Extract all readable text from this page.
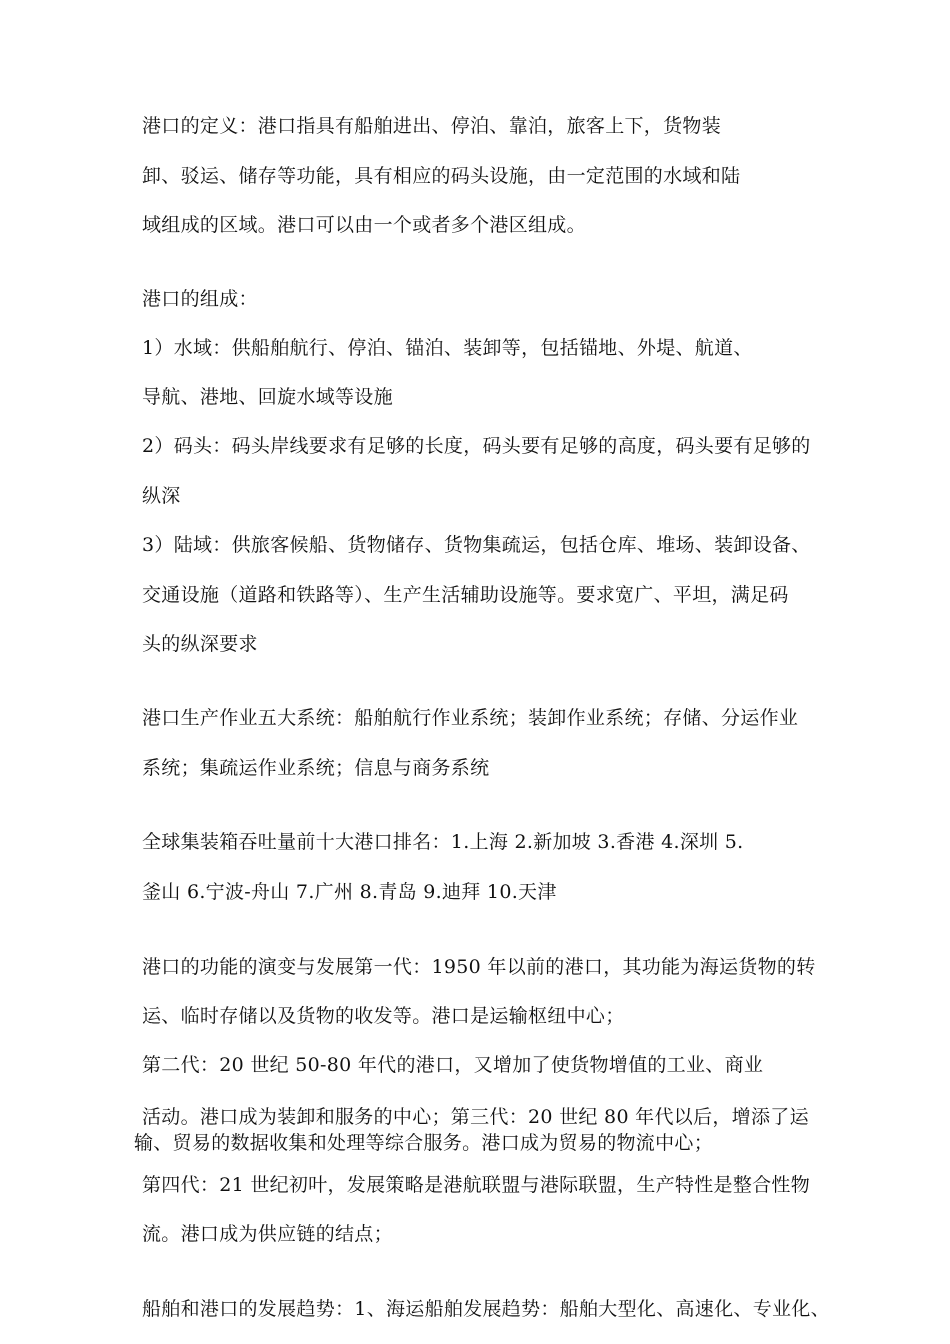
港口的定义：港口指具有船舶进出、停泊、靠泊，旅客上下，货物装
卸、驳运、储存等功能，具有相应的码头设施，由一定范围的水域和陆
域组成的区域。港口可以由一个或者多个港区组成。
港口的组成：
1）水域：供船舶航行、停泊、锚泊、装卸等，包括锚地、外堤、航道、
导航、港地、回旋水域等设施
2）码头：码头岸线要求有足够的长度，码头要有足够的高度，码头要有足够的
纵深
3）陆域：供旅客候船、货物储存、货物集疏运，包括仓库、堆场、装卸设备、
交通设施（道路和铁路等）、生产生活辅助设施等。要求宽广、平坦，满足码
头的纵深要求
港口生产作业五大系统：船舶航行作业系统；装卸作业系统；存储、分运作业
系统；集疏运作业系统；信息与商务系统
全球集装箱吞吐量前十大港口排名：1.上海 2.新加坡 3.香港 4.深圳 5.
釜山 6.宁波-舟山 7.广州 8.青岛 9.迪拜 10.天津
港口的功能的演变与发展第一代：1950 年以前的港口，其功能为海运货物的转
运、临时存储以及货物的收发等。港口是运输枢纽中心；
第二代：20 世纪 50-80 年代的港口，又增加了使货物增值的工业、商业
活动。港口成为装卸和服务的中心；第三代：20 世纪 80 年代以后，增添了运
输、贸易的数据收集和处理等综合服务。港口成为贸易的物流中心；
第四代：21 世纪初叶，发展策略是港航联盟与港际联盟，生产特性是整合性物
流。港口成为供应链的结点；
船舶和港口的发展趋势：1、海运船舶发展趋势：船舶大型化、高速化、专业化、
